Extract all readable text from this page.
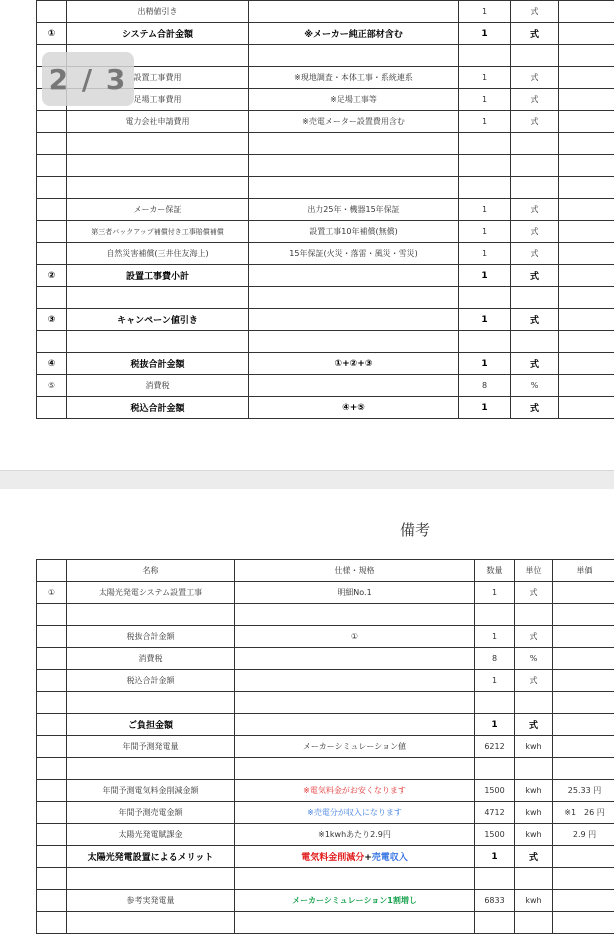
	出精値引き		1	式	
①	システム合計金額	※メーカー純正部材含む	1	式	

	設置工事費用	※現地調査・本体工事・系統連系	1	式	
	足場工事費用	※足場工事等	1	式	
	電力会社申請費用	※売電メーター設置費用含む	1	式	

	メーカー保証	出力25年・機器15年保証	1	式	
	第三者バックアップ補償付き工事賠償補償	設置工事10年補償(無償)	1	式	
	自然災害補償(三井住友海上)	15年保証(火災・落雷・風災・雪災)	1	式	
②	設置工事費小計		1	式	

③	キャンペーン値引き		1	式	

④	税抜合計金額	①+②+③	1	式	
⑤	消費税		8	%	
	税込合計金額	④+⑤	1	式	
2 / 3
備考
	名称	仕様・規格	数量	単位	単価
①	太陽光発電システム設置工事	明細No.1	1	式	

	税抜合計金額	①	1	式	
	消費税		8	%	
	税込合計金額		1	式	

	ご負担金額		1	式	
	年間予測発電量	メーカーシミュレーション値	6212	kwh	

	年間予測電気料金削減金額	※電気料金がお安くなります	1500	kwh	25.33 円
	年間予測売電金額	※売電分が収入になります	4712	kwh	※1　26 円
	太陽光発電賦課金	※1kwhあたり2.9円	1500	kwh	2.9 円
	太陽光発電設置によるメリット	電気料金削減分+売電収入	1	式	

	参考実発電量	メーカーシミュレーション1割増し	6833	kwh	
